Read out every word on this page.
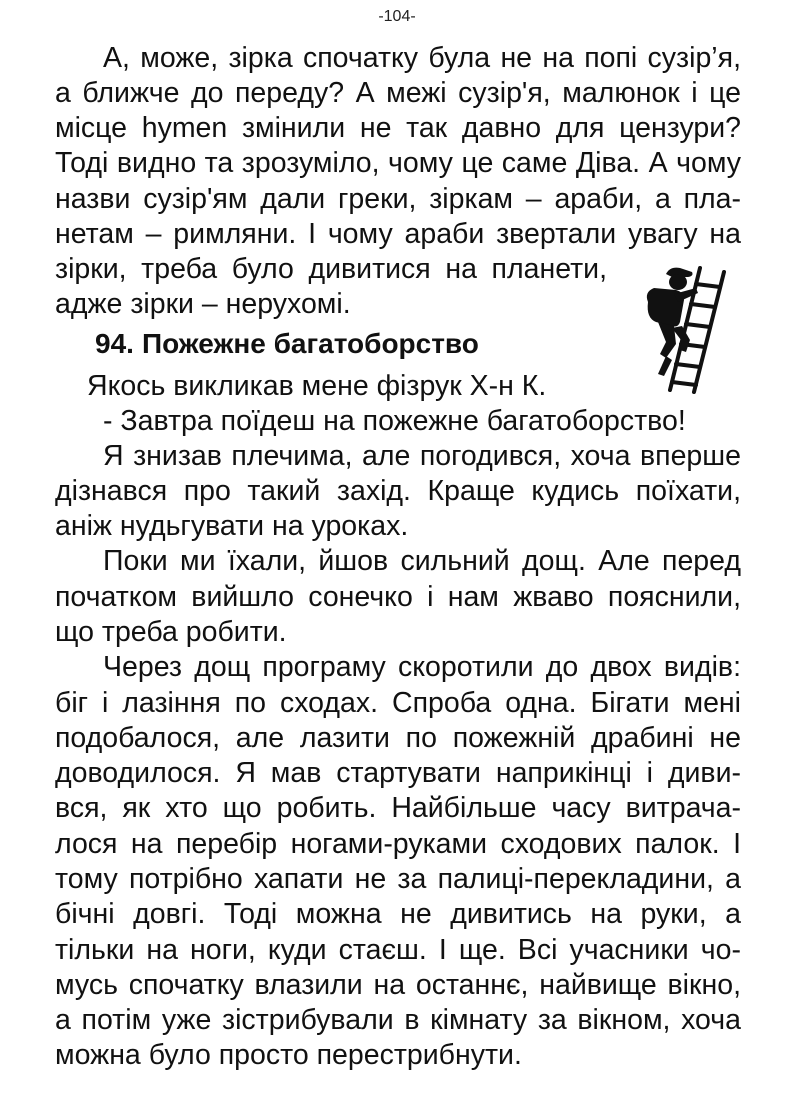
-104-
А, може, зірка спочатку була не на попі сузір’я,
а ближче до переду? А межі сузір'я, малюнок і це
місце hymen змінили не так давно для цензури?
Тоді видно та зрозуміло, чому це саме Діва. А чому
назви сузір'ям дали греки, зіркам – араби, а пла-
нетам – римляни. І чому араби звертали увагу на
зірки, треба було дивитися на планети,
адже зірки – нерухомі.
94. Пожежне багатоборство
Якось викликав мене фізрук Х-н К.
- Завтра поїдеш на пожежне багатоборство!
Я знизав плечима, але погодився, хоча вперше
дізнався про такий захід. Краще кудись поїхати,
аніж нудьгувати на уроках.
Поки ми їхали, йшов сильний дощ. Але перед
початком вийшло сонечко і нам жваво пояснили,
що треба робити.
Через дощ програму скоротили до двох видів:
біг і лазіння по сходах. Спроба одна. Бігати мені
подобалося, але лазити по пожежній драбині не
доводилося. Я мав стартувати наприкінці і диви-
вся, як хто що робить. Найбільше часу витрача-
лося на перебір ногами-руками сходових палок. І
тому потрібно хапати не за палиці-перекладини, а
бічні довгі. Тоді можна не дивитись на руки, а
тільки на ноги, куди стаєш. І ще. Всі учасники чо-
мусь спочатку влазили на останнє, найвище вікно,
а потім уже зістрибували в кімнату за вікном, хоча
можна було просто перестрибнути.
